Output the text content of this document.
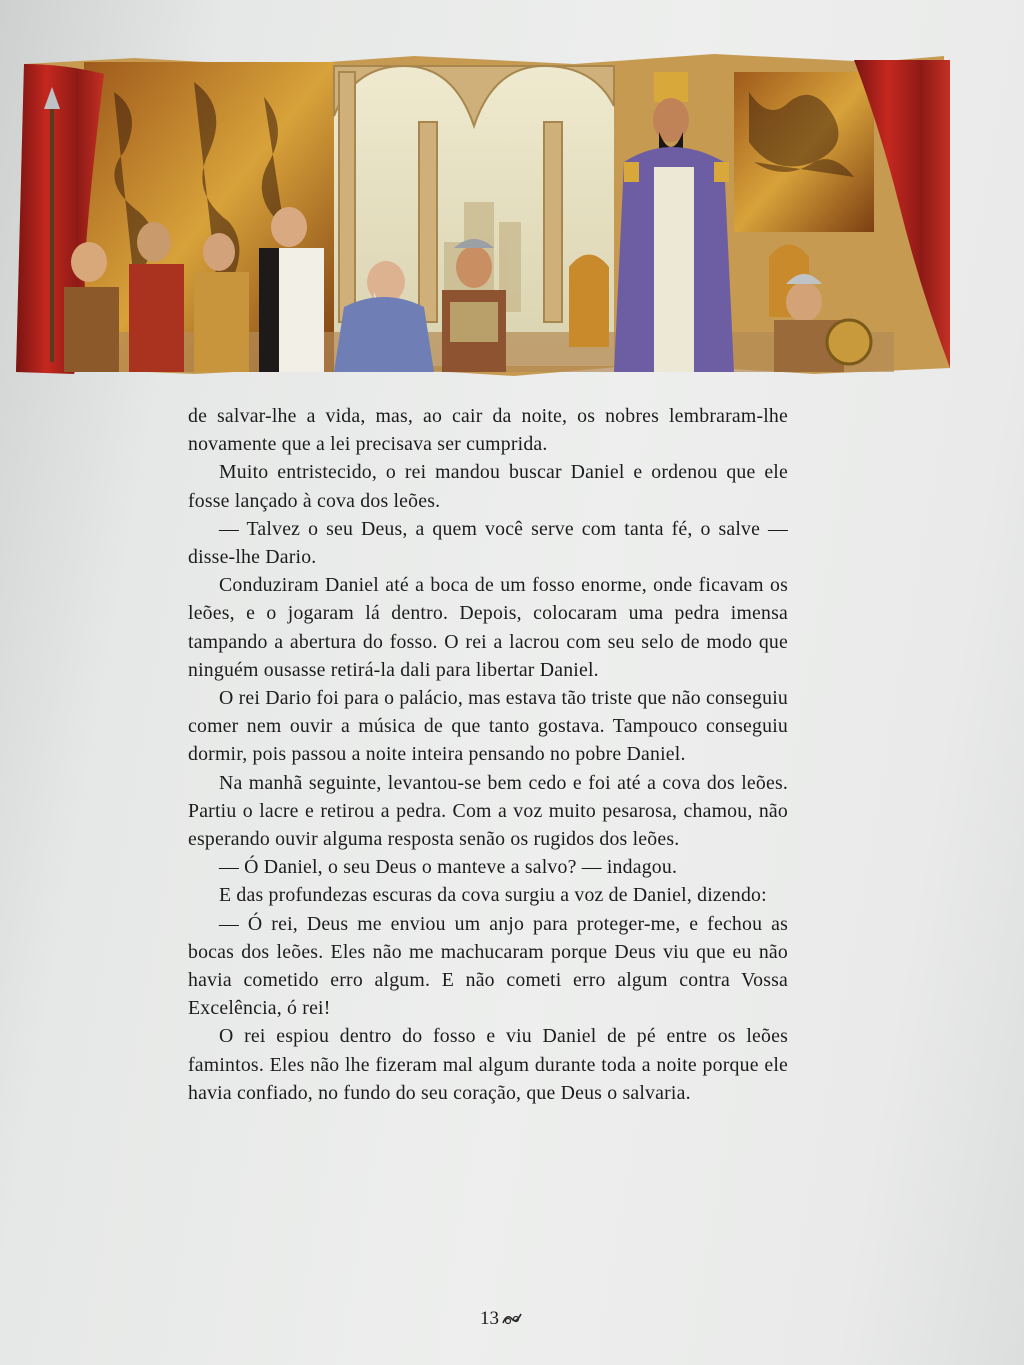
de salvar-lhe a vida, mas, ao cair da noite, os nobres lembraram-lhe novamente que a lei precisava ser cumprida.

Muito entristecido, o rei mandou buscar Daniel e ordenou que ele fosse lançado à cova dos leões.

— Talvez o seu Deus, a quem você serve com tanta fé, o salve — disse-lhe Dario.

Conduziram Daniel até a boca de um fosso enorme, onde ficavam os leões, e o jogaram lá dentro. Depois, colocaram uma pedra imensa tampando a abertura do fosso. O rei a lacrou com seu selo de modo que ninguém ousasse retirá-la dali para libertar Daniel.

O rei Dario foi para o palácio, mas estava tão triste que não conseguiu comer nem ouvir a música de que tanto gostava. Tampouco conseguiu dormir, pois passou a noite inteira pensando no pobre Daniel.

Na manhã seguinte, levantou-se bem cedo e foi até a cova dos leões. Partiu o lacre e retirou a pedra. Com a voz muito pesarosa, chamou, não esperando ouvir alguma resposta senão os rugidos dos leões.

— Ó Daniel, o seu Deus o manteve a salvo? — indagou.

E das profundezas escuras da cova surgiu a voz de Daniel, dizendo:

— Ó rei, Deus me enviou um anjo para proteger-me, e fechou as bocas dos leões. Eles não me machucaram porque Deus viu que eu não havia cometido erro algum. E não cometi erro algum contra Vossa Excelência, ó rei!

O rei espiou dentro do fosso e viu Daniel de pé entre os leões famintos. Eles não lhe fizeram mal algum durante toda a noite porque ele havia confiado, no fundo do seu coração, que Deus o salvaria.

13
